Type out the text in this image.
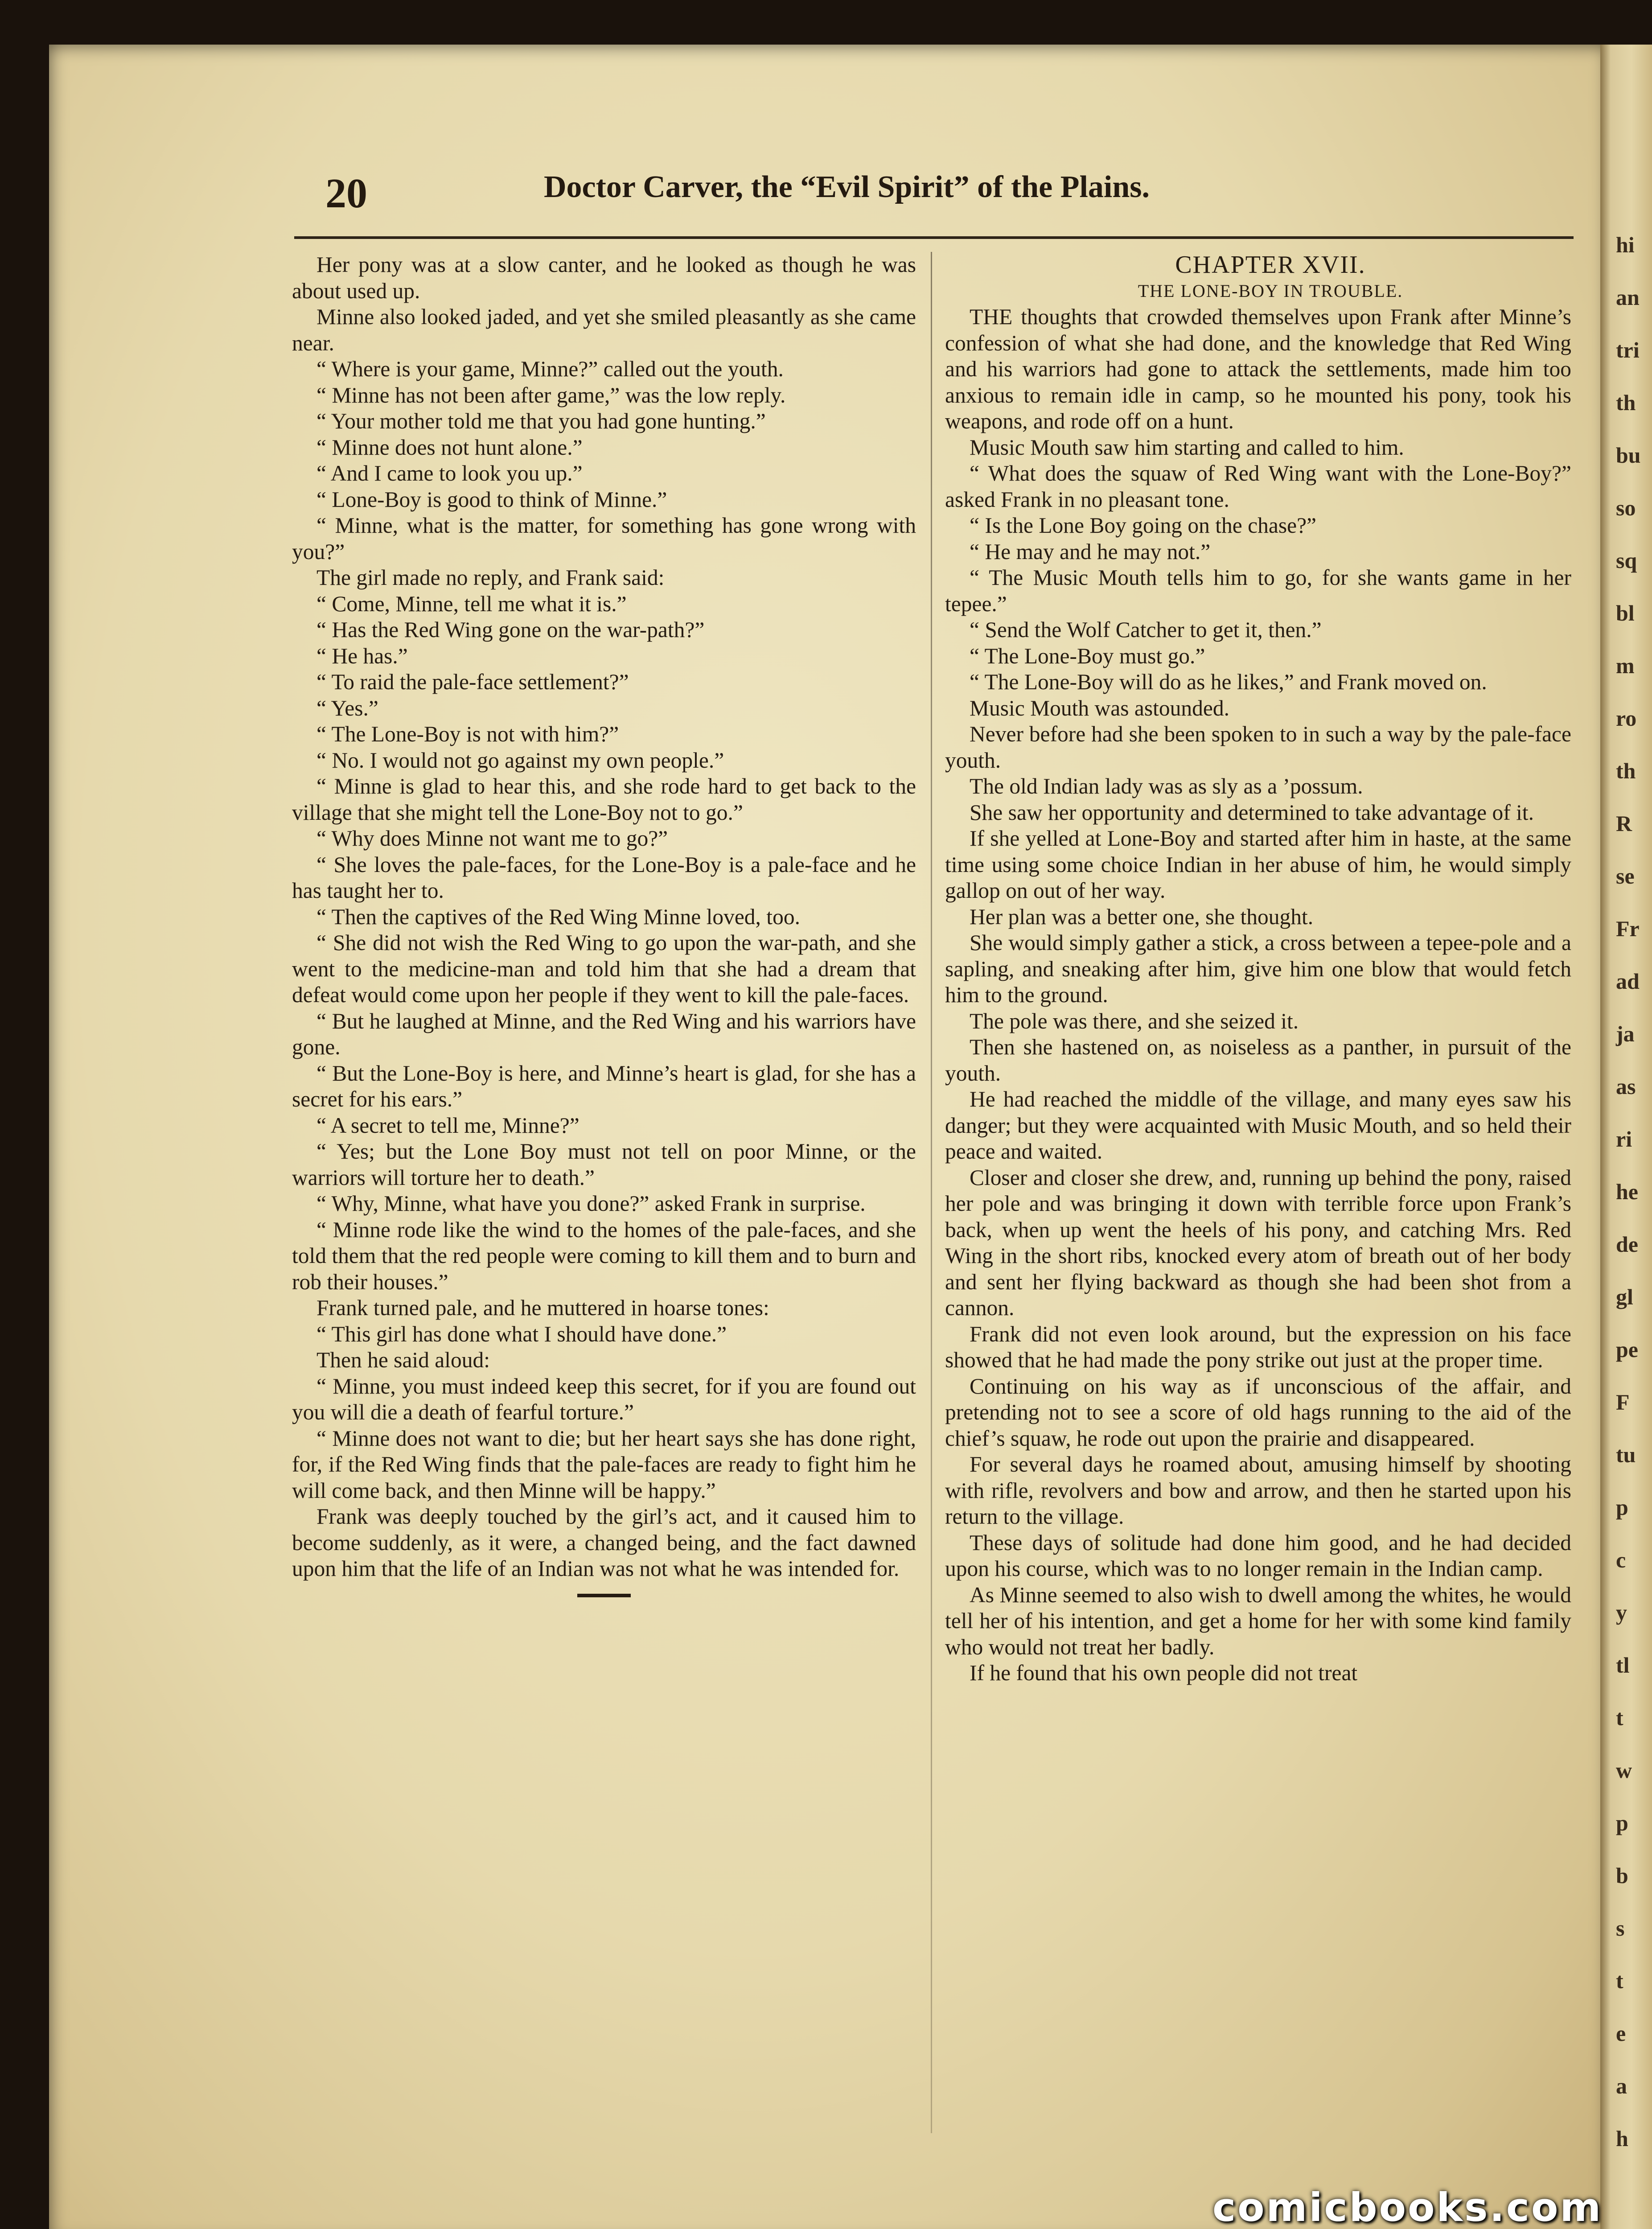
hi
an
tri
th
bu
so
sq
bl
m
ro
th
R
se
Fr
ad
ja
as
ri
he
de
gl
pe
F
tu
p
c
y
tl
t
w
p
b
s
t
e
a
h
20	Doctor Carver, the “Evil Spirit” of the Plains.

Her pony was at a slow canter, and he looked as though he was about used up.

Minne also looked jaded, and yet she smiled pleasantly as she came near.

“ Where is your game, Minne?” called out the youth.

“ Minne has not been after game,” was the low reply.

“ Your mother told me that you had gone hunting.”

“ Minne does not hunt alone.”

“ And I came to look you up.”

“ Lone-Boy is good to think of Minne.”

“ Minne, what is the matter, for something has gone wrong with you?”

The girl made no reply, and Frank said:

“ Come, Minne, tell me what it is.”

“ Has the Red Wing gone on the war-path?”

“ He has.”

“ To raid the pale-face settlement?”

“ Yes.”

“ The Lone-Boy is not with him?”

“ No. I would not go against my own people.”

“ Minne is glad to hear this, and she rode hard to get back to the village that she might tell the Lone-Boy not to go.”

“ Why does Minne not want me to go?”

“ She loves the pale-faces, for the Lone-Boy is a pale-face and he has taught her to.

“ Then the captives of the Red Wing Minne loved, too.

“ She did not wish the Red Wing to go upon the war-path, and she went to the medicine-man and told him that she had a dream that defeat would come upon her people if they went to kill the pale-faces.

“ But he laughed at Minne, and the Red Wing and his warriors have gone.

“ But the Lone-Boy is here, and Minne’s heart is glad, for she has a secret for his ears.”

“ A secret to tell me, Minne?”

“ Yes; but the Lone Boy must not tell on poor Minne, or the warriors will torture her to death.”

“ Why, Minne, what have you done?” asked Frank in surprise.

“ Minne rode like the wind to the homes of the pale-faces, and she told them that the red people were coming to kill them and to burn and rob their houses.”

Frank turned pale, and he muttered in hoarse tones:

“ This girl has done what I should have done.”

Then he said aloud:

“ Minne, you must indeed keep this secret, for if you are found out you will die a death of fearful torture.”

“ Minne does not want to die; but her heart says she has done right, for, if the Red Wing finds that the pale-faces are ready to fight him he will come back, and then Minne will be happy.”

Frank was deeply touched by the girl’s act, and it caused him to become suddenly, as it were, a changed being, and the fact dawned upon him that the life of an Indian was not what he was intended for.

CHAPTER XVII.

THE LONE-BOY IN TROUBLE.

THE thoughts that crowded themselves upon Frank after Minne’s confession of what she had done, and the knowledge that Red Wing and his warriors had gone to attack the settlements, made him too anxious to remain idle in camp, so he mounted his pony, took his weapons, and rode off on a hunt.

Music Mouth saw him starting and called to him.

“ What does the squaw of Red Wing want with the Lone-Boy?” asked Frank in no pleasant tone.

“ Is the Lone Boy going on the chase?”

“ He may and he may not.”

“ The Music Mouth tells him to go, for she wants game in her tepee.”

“ Send the Wolf Catcher to get it, then.”

“ The Lone-Boy must go.”

“ The Lone-Boy will do as he likes,” and Frank moved on.

Music Mouth was astounded.

Never before had she been spoken to in such a way by the pale-face youth.

The old Indian lady was as sly as a ’possum.

She saw her opportunity and determined to take advantage of it.

If she yelled at Lone-Boy and started after him in haste, at the same time using some choice Indian in her abuse of him, he would simply gallop on out of her way.

Her plan was a better one, she thought.

She would simply gather a stick, a cross between a tepee-pole and a sapling, and sneaking after him, give him one blow that would fetch him to the ground.

The pole was there, and she seized it.

Then she hastened on, as noiseless as a panther, in pursuit of the youth.

He had reached the middle of the village, and many eyes saw his danger; but they were acquainted with Music Mouth, and so held their peace and waited.

Closer and closer she drew, and, running up behind the pony, raised her pole and was bringing it down with terrible force upon Frank’s back, when up went the heels of his pony, and catching Mrs. Red Wing in the short ribs, knocked every atom of breath out of her body and sent her flying backward as though she had been shot from a cannon.

Frank did not even look around, but the expression on his face showed that he had made the pony strike out just at the proper time.

Continuing on his way as if unconscious of the affair, and pretending not to see a score of old hags running to the aid of the chief’s squaw, he rode out upon the prairie and disappeared.

For several days he roamed about, amusing himself by shooting with rifle, revolvers and bow and arrow, and then he started upon his return to the village.

These days of solitude had done him good, and he had decided upon his course, which was to no longer remain in the Indian camp.

As Minne seemed to also wish to dwell among the whites, he would tell her of his intention, and get a home for her with some kind family who would not treat her badly.

If he found that his own people did not treat

comicbooks.com
